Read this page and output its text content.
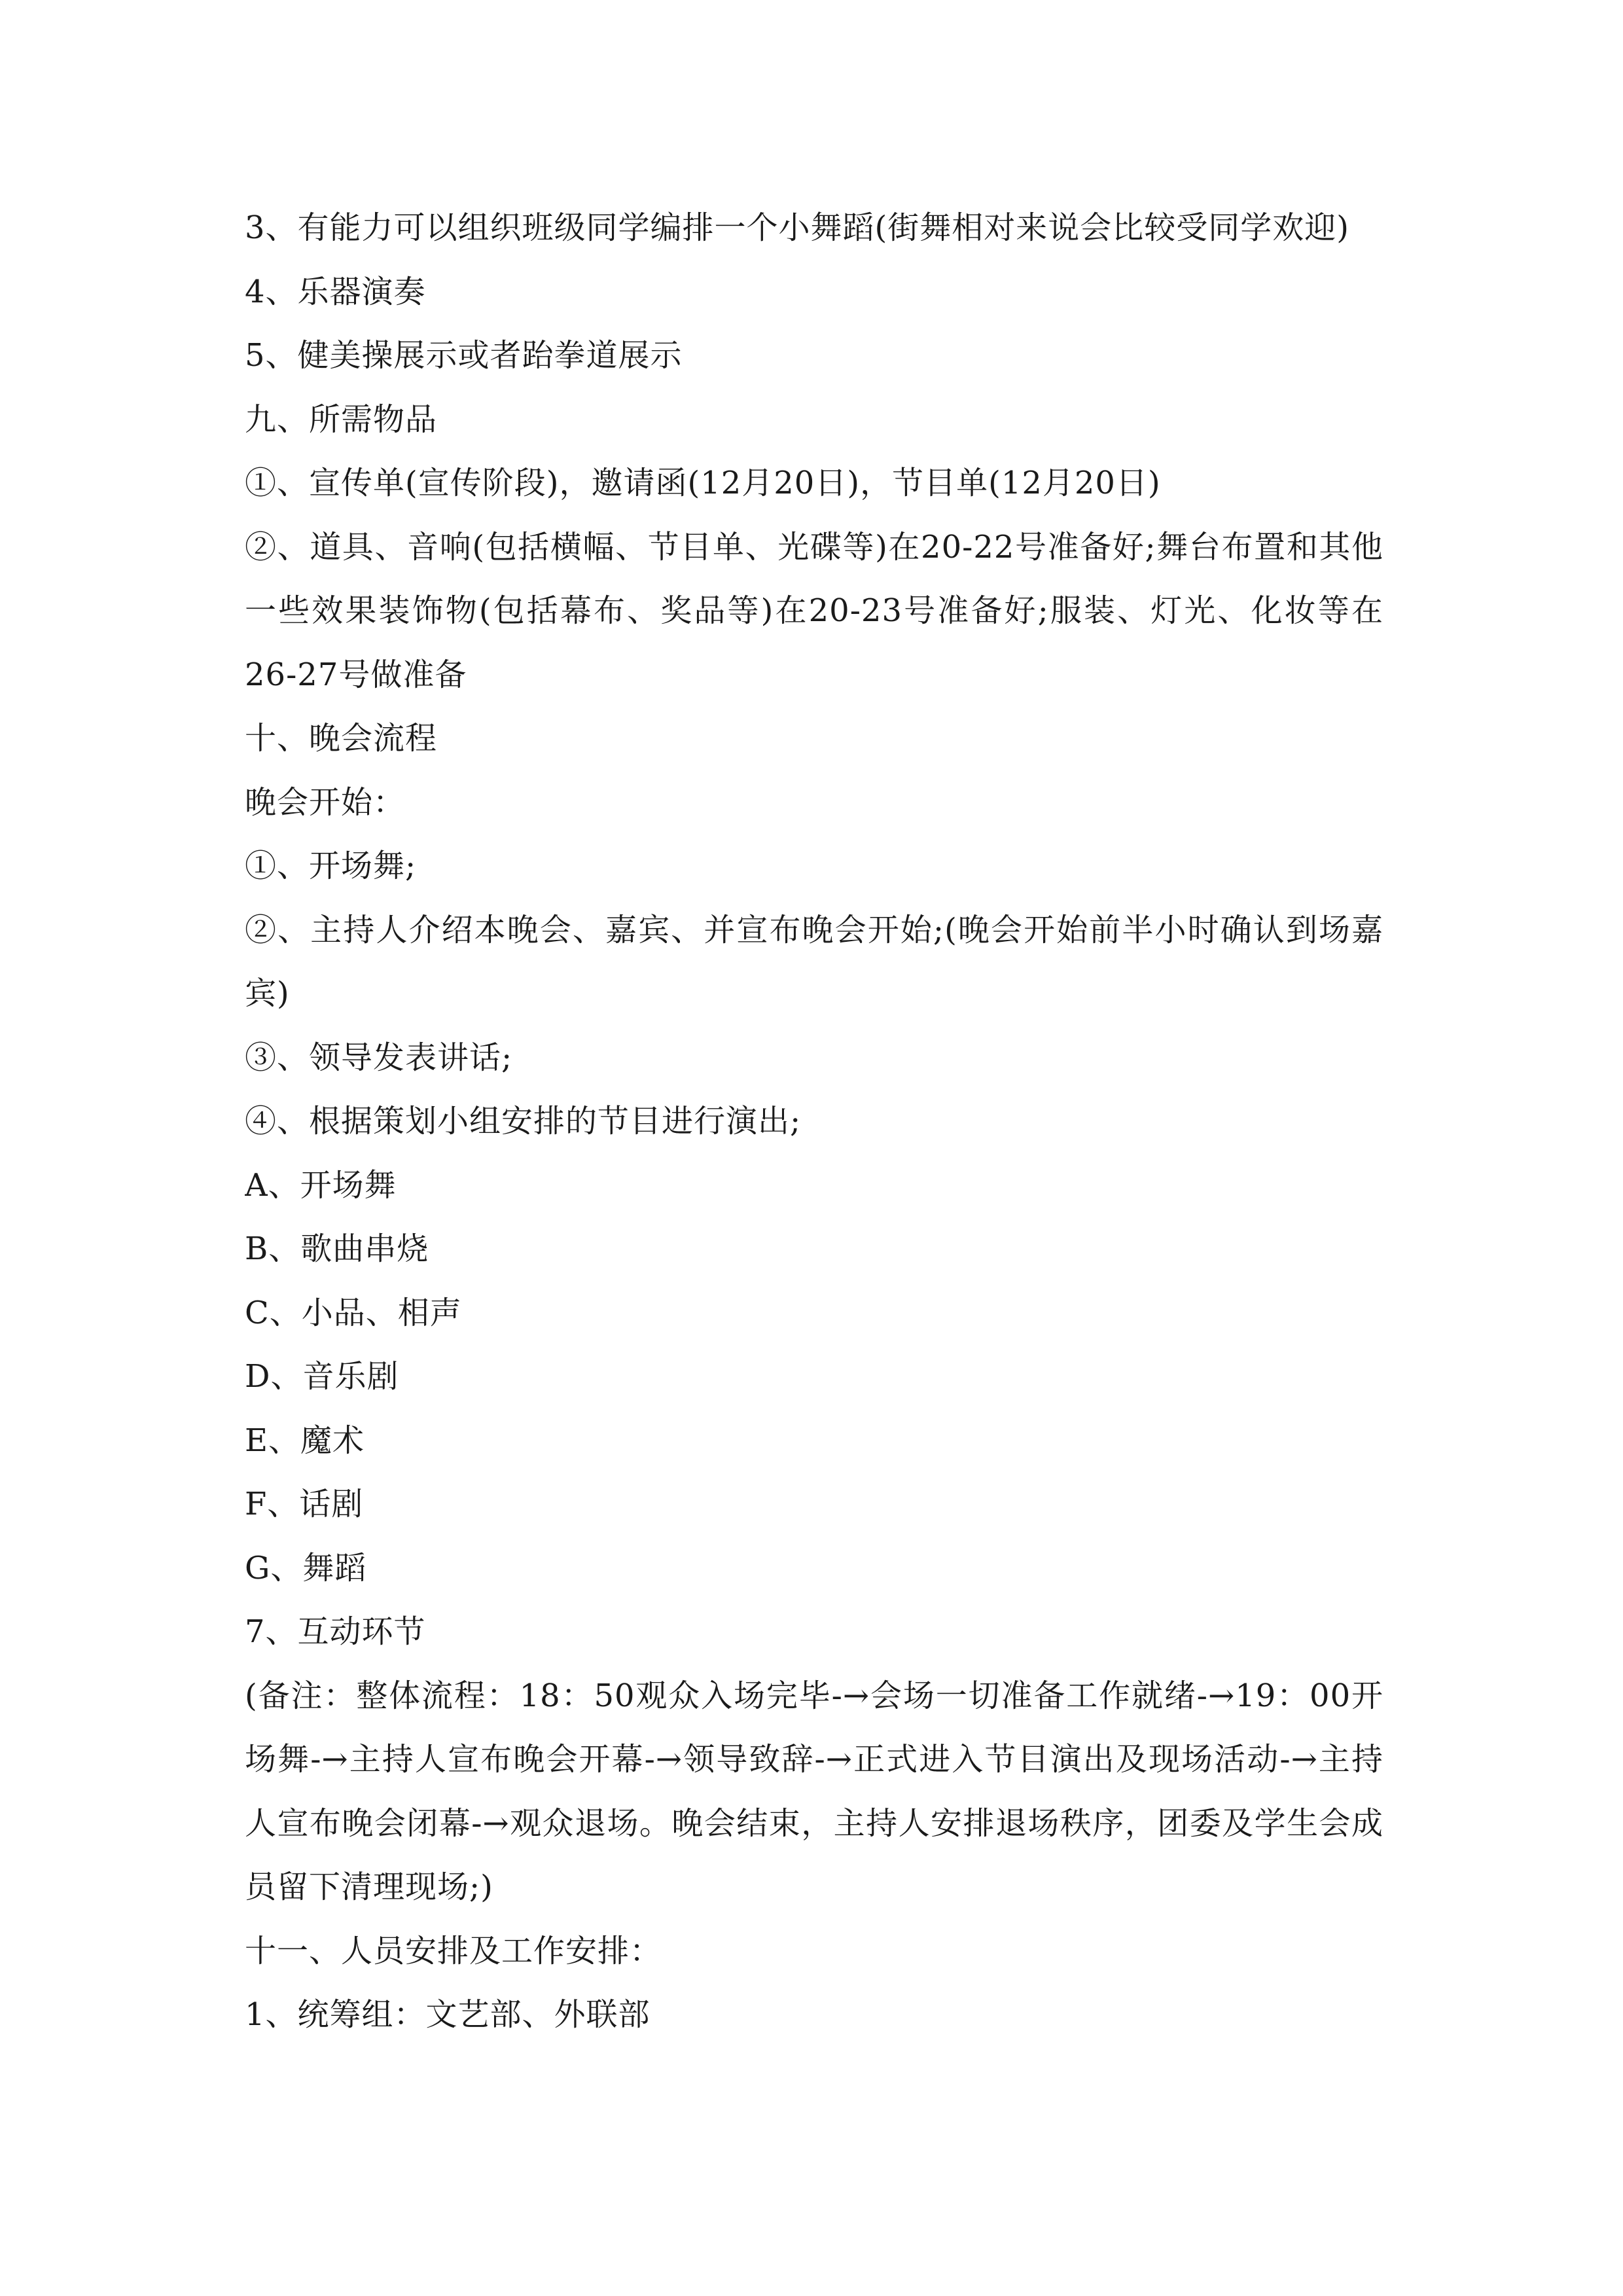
3、有能力可以组织班级同学编排一个小舞蹈(街舞相对来说会比较受同学欢迎)
4、乐器演奏
5、健美操展示或者跆拳道展示
九、所需物品
①、宣传单(宣传阶段)，邀请函(12月20日)，节目单(12月20日)
②、道具、音响(包括横幅、节目单、光碟等)在20-22号准备好;舞台布置和其他一些效果装饰物(包括幕布、奖品等)在20-23号准备好;服装、灯光、化妆等在26-27号做准备
十、晚会流程
晚会开始：
①、开场舞;
②、主持人介绍本晚会、嘉宾、并宣布晚会开始;(晚会开始前半小时确认到场嘉宾)
③、领导发表讲话;
④、根据策划小组安排的节目进行演出;
A、开场舞
B、歌曲串烧
C、小品、相声
D、音乐剧
E、魔术
F、话剧
G、舞蹈
7、互动环节
(备注：整体流程：18：50观众入场完毕-→会场一切准备工作就绪-→19：00开场舞-→主持人宣布晚会开幕-→领导致辞-→正式进入节目演出及现场活动-→主持人宣布晚会闭幕-→观众退场。晚会结束，主持人安排退场秩序，团委及学生会成员留下清理现场;)
十一、人员安排及工作安排：
1、统筹组：文艺部、外联部
